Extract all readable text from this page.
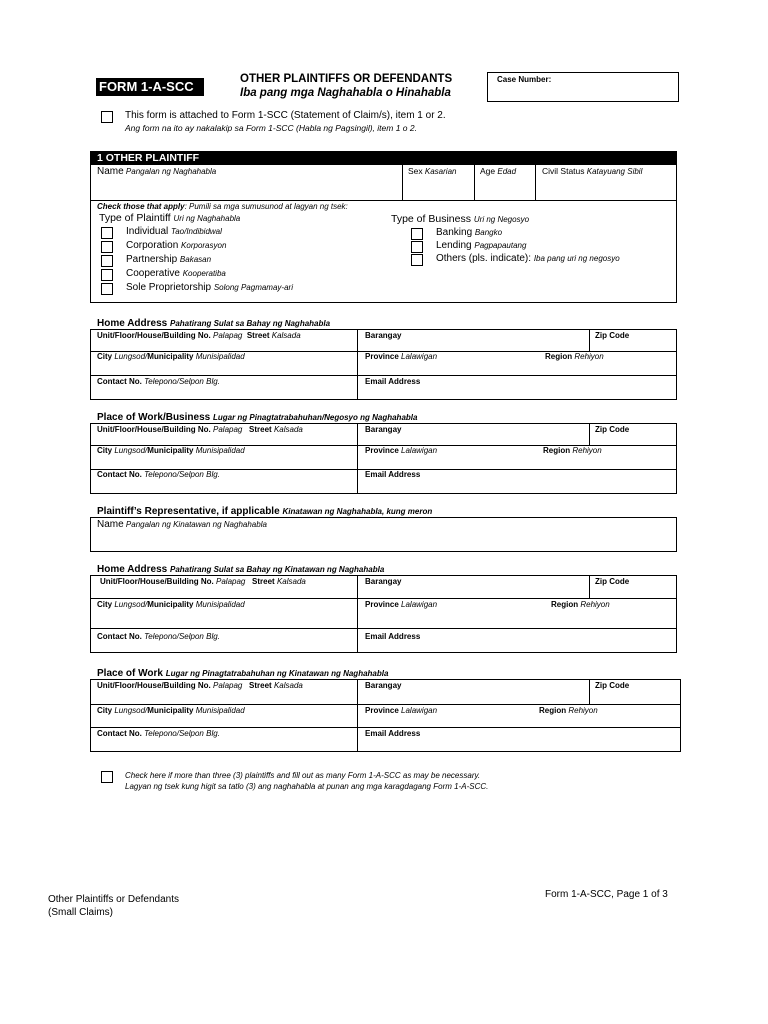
FORM 1-A-SCC	OTHER PLAINTIFFS OR DEFENDANTS
Iba pang mga Naghahabla o Hinahabla
Case Number:
This form is attached to Form 1-SCC (Statement of Claim/s), item 1 or 2.
Ang form na ito ay nakalakip sa Form 1-SCC (Habla ng Pagsingil), item 1 o 2.
1 OTHER PLAINTIFF
Name Pangalan ng Naghahabla	Sex Kasarian	Age Edad	Civil Status Katayuang Sibil
Check those that apply: Pumili sa mga sumusunod at lagyan ng tsek:
Type of Plaintiff Uri ng Naghahabla
Individual Tao/Indibidwal
Corporation Korporasyon
Partnership Bakasan
Cooperative Kooperatiba
Sole Proprietorship Solong Pagmamay-ari
Type of Business Uri ng Negosyo
Banking Bangko
Lending Pagpapautang
Others (pls. indicate): Iba pang uri ng negosyo
Home Address Pahatirang Sulat sa Bahay ng Naghahabla
Unit/Floor/House/Building No. Palapag Street Kalsada	Barangay	Zip Code
City Lungsod/Municipality Munisipalidad	Province Lalawigan	Region Rehiyon
Contact No. Telepono/Selpon Blg.	Email Address
Place of Work/Business Lugar ng Pinagtatrabahuhan/Negosyo ng Naghahabla
Unit/Floor/House/Building No. Palapag Street Kalsada	Barangay	Zip Code
City Lungsod/Municipality Munisipalidad	Province Lalawigan	Region Rehiyon
Contact No. Telepono/Selpon Blg.	Email Address
Plaintiff’s Representative, if applicable Kinatawan ng Naghahabla, kung meron
Name Pangalan ng Kinatawan ng Naghahabla
Home Address Pahatirang Sulat sa Bahay ng Kinatawan ng Naghahabla
Unit/Floor/House/Building No. Palapag Street Kalsada	Barangay	Zip Code
City Lungsod/Municipality Munisipalidad	Province Lalawigan	Region Rehiyon
Contact No. Telepono/Selpon Blg.	Email Address
Place of Work Lugar ng Pinagtatrabahuhan ng Kinatawan ng Naghahabla
Unit/Floor/House/Building No. Palapag Street Kalsada	Barangay	Zip Code
City Lungsod/Municipality Munisipalidad	Province Lalawigan	Region Rehiyon
Contact No. Telepono/Selpon Blg.	Email Address
Check here if more than three (3) plaintiffs and fill out as many Form 1-A-SCC as may be necessary.
Lagyan ng tsek kung higit sa tatlo (3) ang naghahabla at punan ang mga karagdagang Form 1-A-SCC.
Other Plaintiffs or Defendants
(Small Claims)
Form 1-A-SCC, Page 1 of 3
